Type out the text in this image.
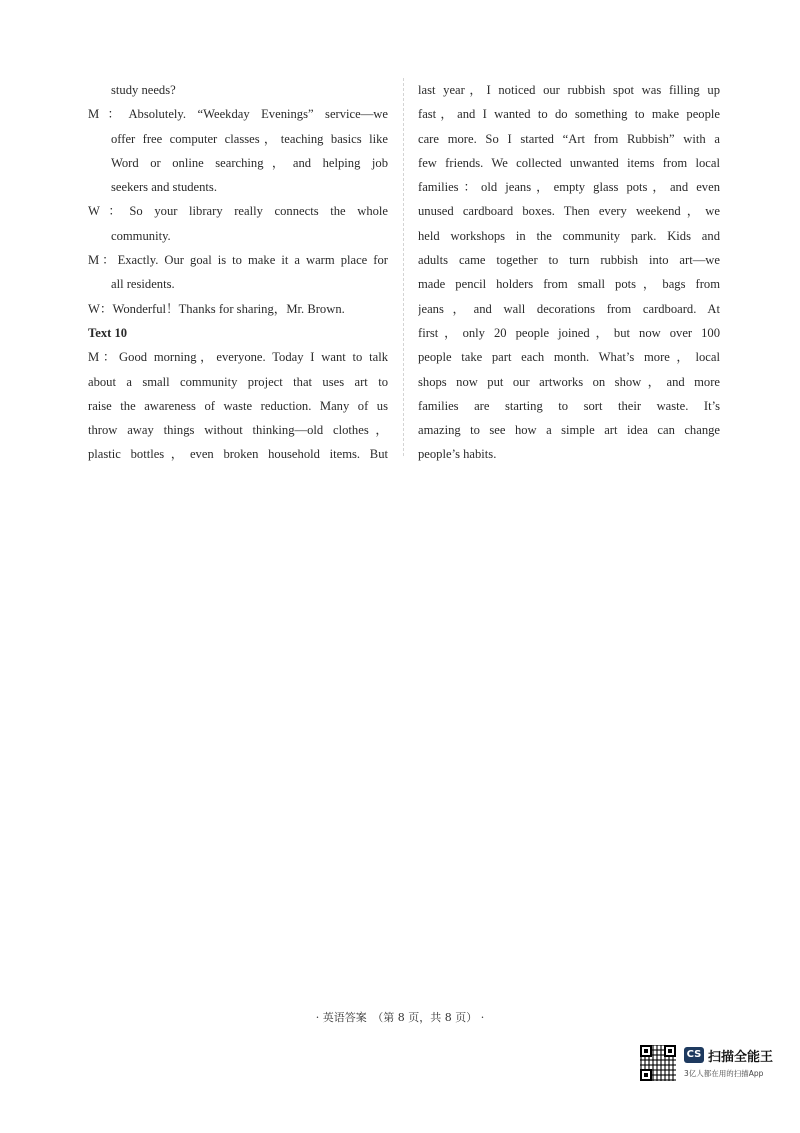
study needs?
M：Absolutely. “Weekday Evenings” service—we
offer free computer classes，teaching basics like
Word or online searching，and helping job
seekers and students.
W：So your library really connects the whole
community.
M：Exactly. Our goal is to make it a warm place for
all residents.
W：Wonderful！Thanks for sharing，Mr. Brown.
Text 10
M：Good morning，everyone. Today I want to talk
about a small community project that uses art to
raise the awareness of waste reduction. Many of us
throw away things without thinking—old clothes，
plastic bottles，even broken household items. But
last year，I noticed our rubbish spot was filling up
fast，and I wanted to do something to make people
care more. So I started “Art from Rubbish” with a
few friends. We collected unwanted items from local
families：old jeans，empty glass pots，and even
unused cardboard boxes. Then every weekend，we
held workshops in the community park. Kids and
adults came together to turn rubbish into art—we
made pencil holders from small pots，bags from
jeans，and wall decorations from cardboard. At
first，only 20 people joined，but now over 100
people take part each month. What’s more，local
shops now put our artworks on show，and more
families are starting to sort their waste. It’s
amazing to see how a simple art idea can change
people’s habits.
· 英语答案　（第 8 页，共 8 页） ·
CS 扫描全能王
3亿人都在用的扫描App
